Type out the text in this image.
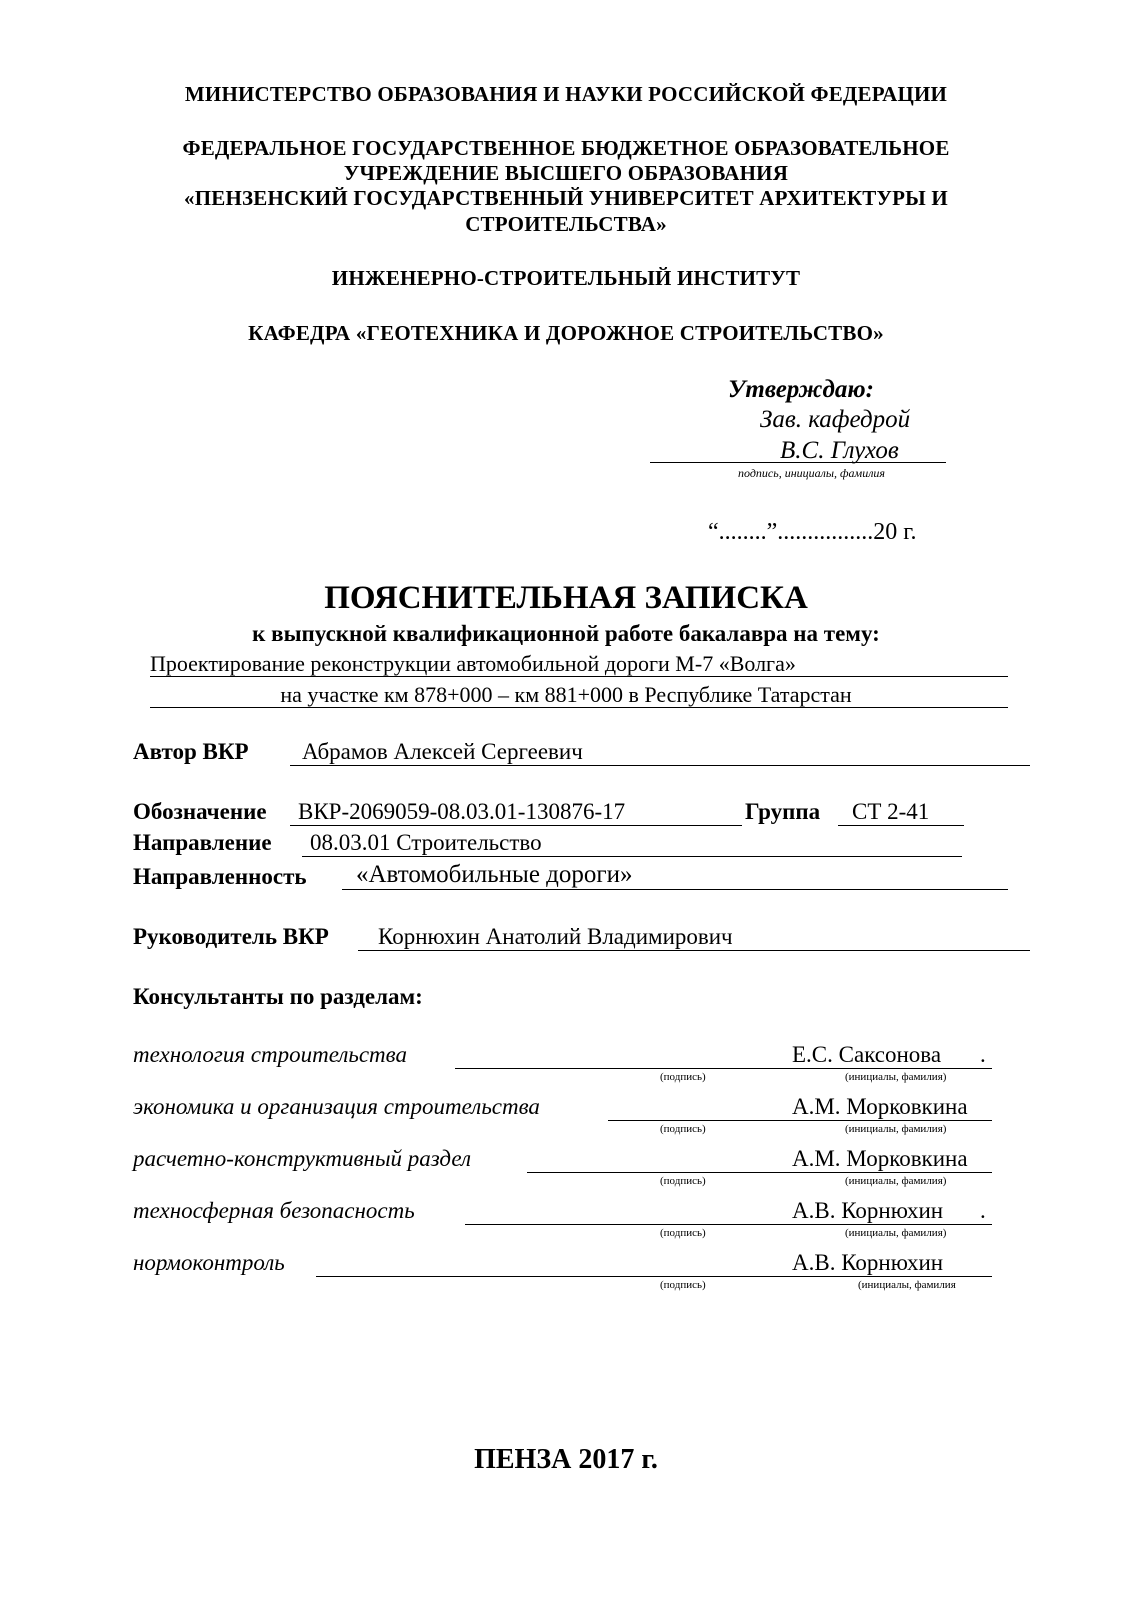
МИНИСТЕРСТВО ОБРАЗОВАНИЯ И НАУКИ РОССИЙСКОЙ ФЕДЕРАЦИИ
ФЕДЕРАЛЬНОЕ ГОСУДАРСТВЕННОЕ БЮДЖЕТНОЕ ОБРАЗОВАТЕЛЬНОЕ
УЧРЕЖДЕНИЕ ВЫСШЕГО ОБРАЗОВАНИЯ
«ПЕНЗЕНСКИЙ ГОСУДАРСТВЕННЫЙ УНИВЕРСИТЕТ АРХИТЕКТУРЫ И
СТРОИТЕЛЬСТВА»
ИНЖЕНЕРНО-СТРОИТЕЛЬНЫЙ ИНСТИТУТ
КАФЕДРА «ГЕОТЕХНИКА И ДОРОЖНОЕ СТРОИТЕЛЬСТВО»
Утверждаю:
Зав. кафедрой
В.С. Глухов
подпись, инициалы, фамилия
“........”................20 г.
ПОЯСНИТЕЛЬНАЯ ЗАПИСКА
к выпускной квалификационной работе бакалавра на тему:
Проектирование реконструкции автомобильной дороги М-7 «Волга»
на участке км 878+000 – км 881+000 в Республике Татарстан
Автор ВКР Абрамов Алексей Сергеевич
Обозначение ВКР-2069059-08.03.01-130876-17	Группа СТ 2-41
Направление 08.03.01 Строительство
Направленность «Автомобильные дороги»
Руководитель ВКР Корнюхин Анатолий Владимирович
Консультанты по разделам:
технология строительства	Е.С. Саксонова .
(подпись)	(инициалы, фамилия)
экономика и организация строительства	А.М. Морковкина
(подпись)	(инициалы, фамилия)
расчетно-конструктивный раздел	А.М. Морковкина
(подпись)	(инициалы, фамилия)
техносферная безопасность	А.В. Корнюхин .
(подпись)	(инициалы, фамилия)
нормоконтроль	А.В. Корнюхин
(подпись)	(инициалы, фамилия
ПЕНЗА 2017 г.
